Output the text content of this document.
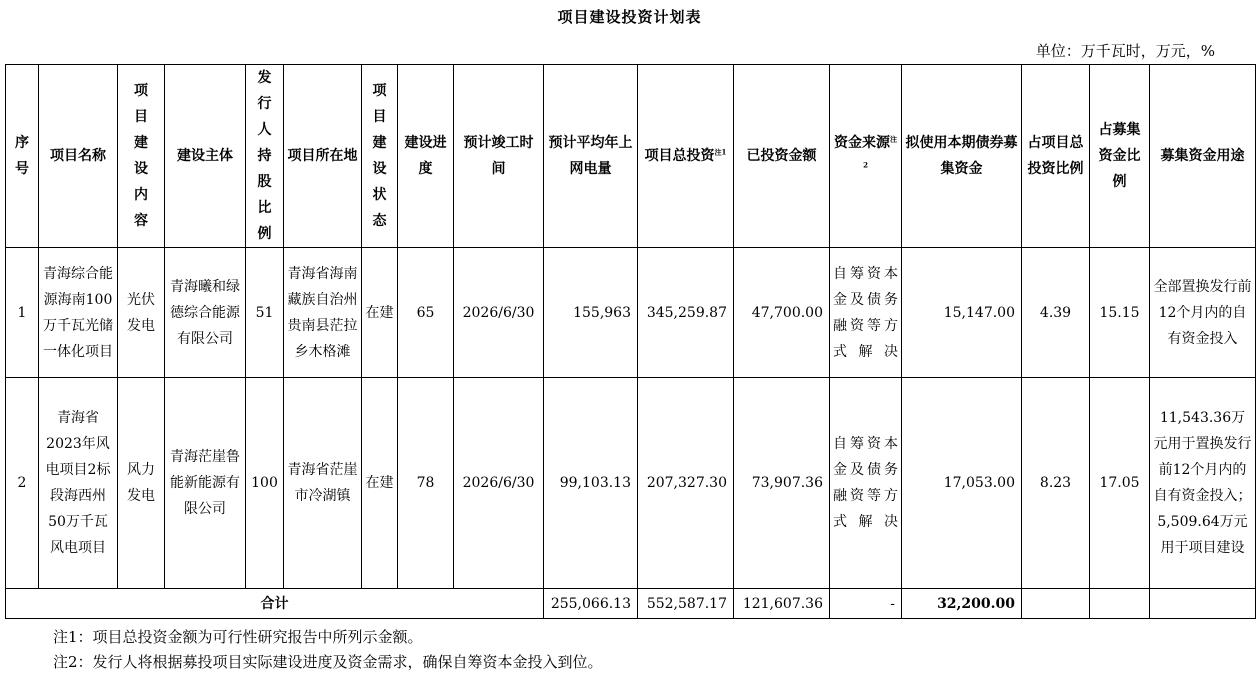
项目建设投资计划表
单位：万千瓦时，万元，%
序号	项目名称	项目建设内容	建设主体	发行人持股比例	项目所在地	项目建设状态	建设进度	预计竣工时间	预计平均年上网电量	项目总投资$^{注1}$	已投资金额	资金来源$^{注2}$	拟使用本期债券募集资金	占项目总投资比例	占募集资金比例	募集资金用途
1	青海综合能源海南100万千瓦光储一体化项目	光伏发电	青海曦和绿德综合能源有限公司	51	青海省海南藏族自治州贵南县茫拉乡木格滩	在建	65	2026/6/30	155,963	345,259.87	47,700.00	自筹资本金及债务融资等方式解决	15,147.00	4.39	15.15	全部置换发行前12个月内的自有资金投入
2	青海省2023年风电项目2标段海西州50万千瓦风电项目	风力发电	青海茫崖鲁能新能源有限公司	100	青海省茫崖市冷湖镇	在建	78	2026/6/30	99,103.13	207,327.30	73,907.36	自筹资本金及债务融资等方式解决	17,053.00	8.23	17.05	11,543.36万元用于置换发行前12个月内的自有资金投入；5,509.64万元用于项目建设
合计									255,066.13	552,587.17	121,607.36	-	32,200.00			
注1：项目总投资金额为可行性研究报告中所列示金额。
注2：发行人将根据募投项目实际建设进度及资金需求，确保自筹资本金投入到位。
